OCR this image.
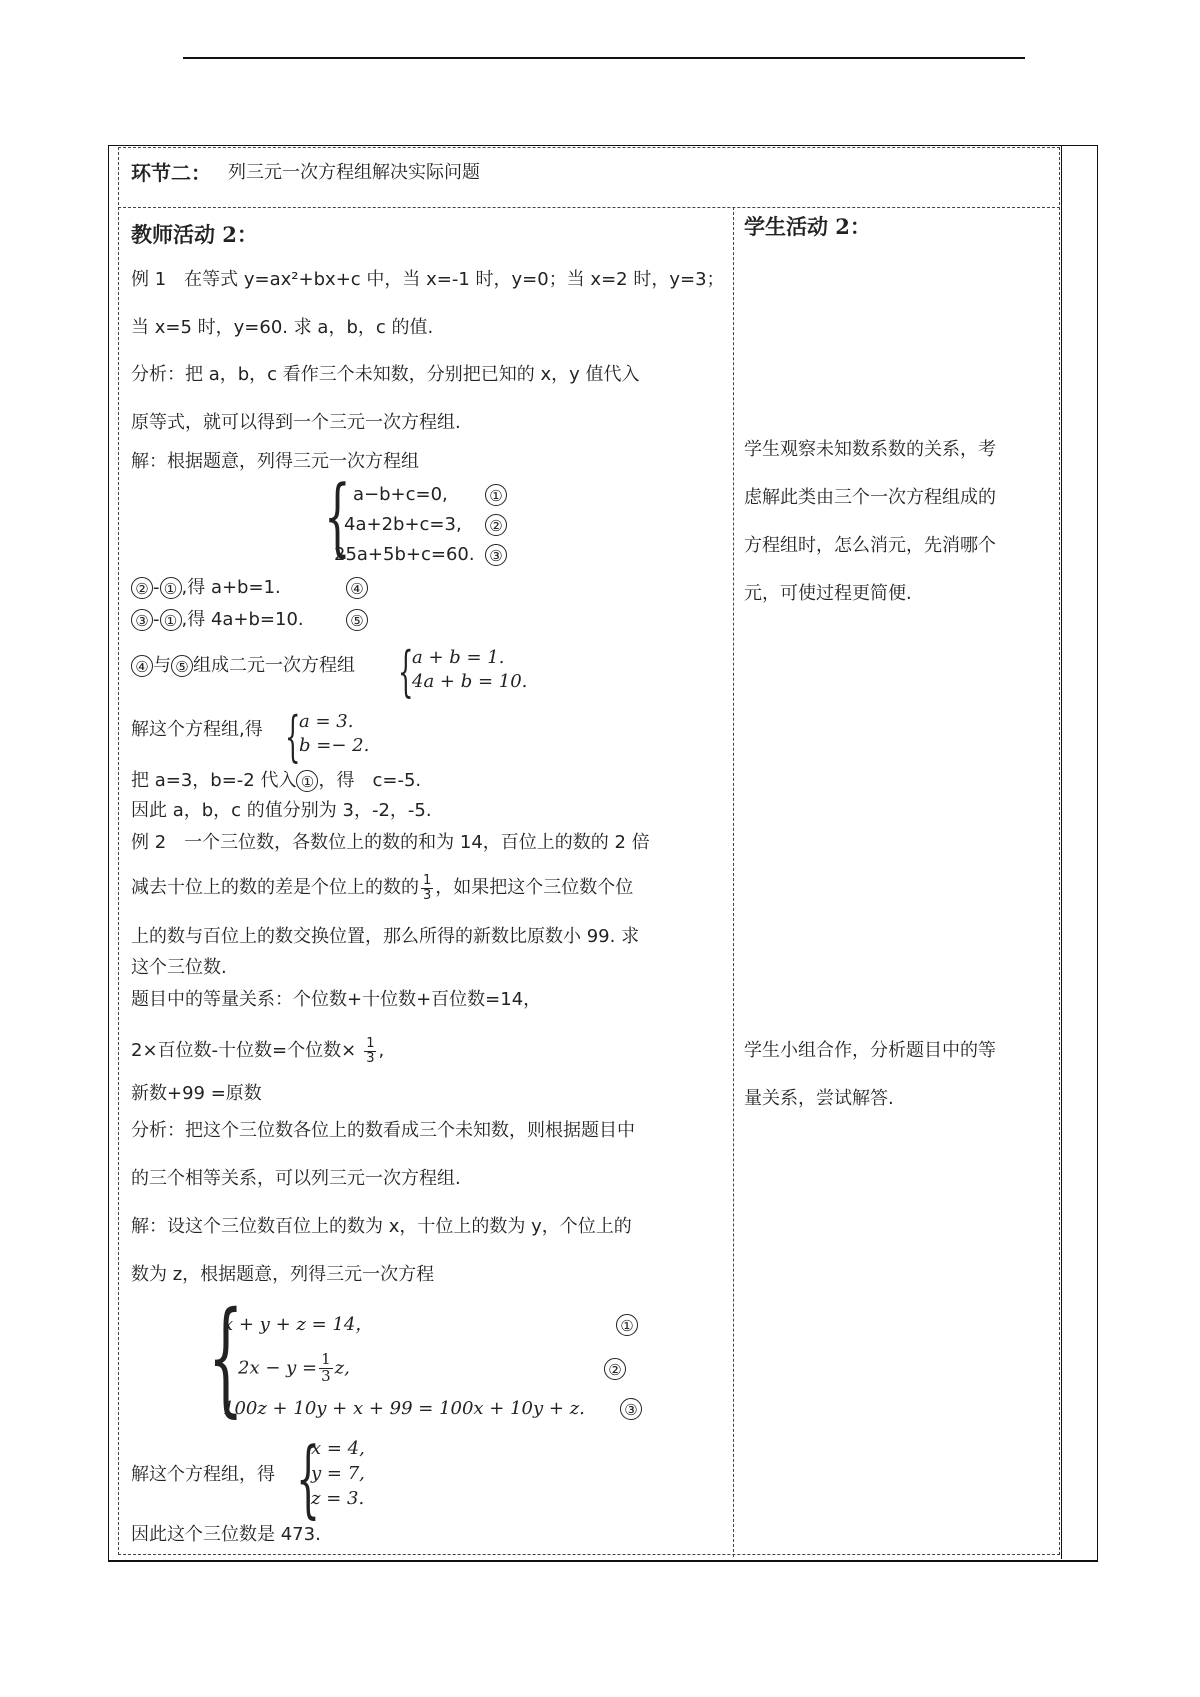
环节二： 列三元一次方程组解决实际问题
教师活动 2：
例 1　在等式 y=ax²+bx+c 中，当 x=-1 时，y=0；当 x=2 时，y=3；
当 x=5 时，y=60. 求 a，b，c 的值.
分析：把 a，b，c 看作三个未知数，分别把已知的 x，y 值代入
原等式，就可以得到一个三元一次方程组.
解：根据题意，列得三元一次方程组
{ a−b+c=0,
4a+2b+c=3,
25a+5b+c=60.
①
②
③
② - ① ,得 a+b=1.	④
③ - ① ,得 4a+b=10.	⑤
④ 与 ⑤ 组成二元一次方程组 {
a + b = 1.
4a + b = 10.
解这个方程组,得 {
a = 3.
b =− 2.
把 a=3，b=-2 代入 ① ，得　c=-5.
因此 a，b，c 的值分别为 3，-2，-5.
例 2　一个三位数，各数位上的数的和为 14，百位上的数的 2 倍
减去十位上的数的差是个位上的数的 $\frac{1}{3}$ ，如果把这个三位数个位
上的数与百位上的数交换位置，那么所得的新数比原数小 99. 求
这个三位数.
题目中的等量关系：个位数+十位数+百位数=14，
2×百位数-十位数=个位数× $\frac{1}{3}$ ,
新数+99 =原数
分析：把这个三位数各位上的数看成三个未知数，则根据题目中
的三个相等关系，可以列三元一次方程组.
解：设这个三位数百位上的数为 x，十位上的数为 y，个位上的
数为 z，根据题意，列得三元一次方程
{
x + y + z = 14，
$2x - y = \frac{1}{3} z$,
100z + 10y + x + 99 = 100x + 10y + z.
①
②
③
解这个方程组，得 {
x = 4,
y = 7,
z = 3.
因此这个三位数是 473.
学生活动 2：
学生观察未知数系数的关系，考
虑解此类由三个一次方程组成的
方程组时，怎么消元，先消哪个
元，可使过程更简便.
学生小组合作，分析题目中的等
量关系，尝试解答.
